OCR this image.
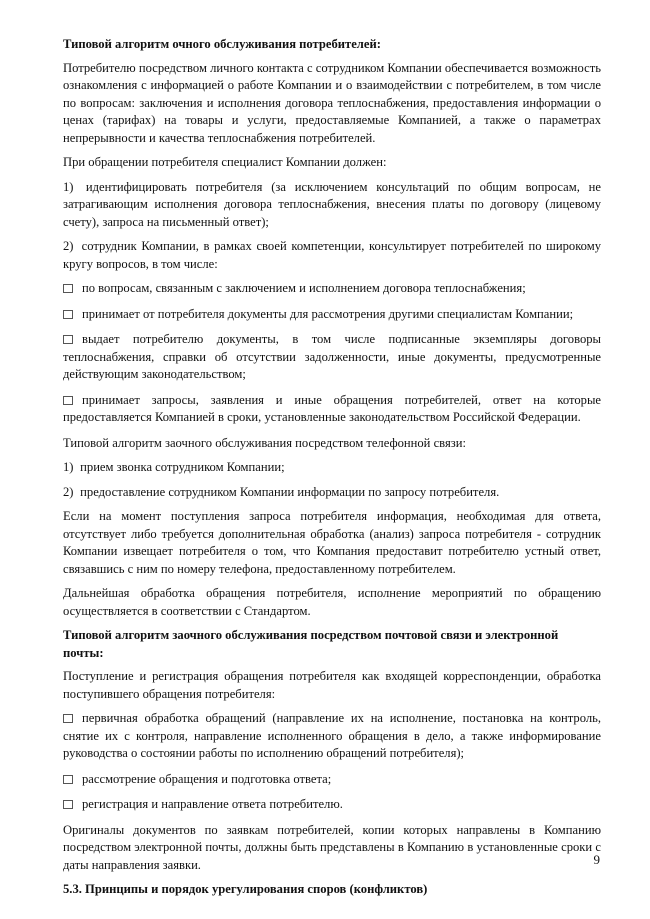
Типовой алгоритм очного обслуживания потребителей:

Потребителю посредством личного контакта с сотрудником Компании обеспечивается возможность ознакомления с информацией о работе Компании и о взаимодействии с потребителем, в том числе по вопросам: заключения и исполнения договора теплоснабжения, предоставления информации о ценах (тарифах) на товары и услуги, предоставляемые Компанией, а также о параметрах непрерывности и качества теплоснабжения потребителей.

При обращении потребителя специалист Компании должен:

1) идентифицировать потребителя (за исключением консультаций по общим вопросам, не затрагивающим исполнения договора теплоснабжения, внесения платы по договору (лицевому счету), запроса на письменный ответ);

2) сотрудник Компании, в рамках своей компетенции, консультирует потребителей по широкому кругу вопросов, в том числе:

по вопросам, связанным с заключением и исполнением договора теплоснабжения;

принимает от потребителя документы для рассмотрения другими специалистам Компании;

выдает потребителю документы, в том числе подписанные экземпляры договоры теплоснабжения, справки об отсутствии задолженности, иные документы, предусмотренные действующим законодательством;

принимает запросы, заявления и иные обращения потребителей, ответ на которые предоставляется Компанией в сроки, установленные законодательством Российской Федерации.

Типовой алгоритм заочного обслуживания посредством телефонной связи:

1) прием звонка сотрудником Компании;

2) предоставление сотрудником Компании информации по запросу потребителя.

Если на момент поступления запроса потребителя информация, необходимая для ответа, отсутствует либо требуется дополнительная обработка (анализ) запроса потребителя - сотрудник Компании извещает потребителя о том, что Компания предоставит потребителю устный ответ, связавшись с ним по номеру телефона, предоставленному потребителем.

Дальнейшая обработка обращения потребителя, исполнение мероприятий по обращению осуществляется в соответствии с Стандартом.

Типовой алгоритм заочного обслуживания посредством почтовой связи и электронной почты:

Поступление и регистрация обращения потребителя как входящей корреспонденции, обработка поступившего обращения потребителя:

первичная обработка обращений (направление их на исполнение, постановка на контроль, снятие их с контроля, направление исполненного обращения в дело, а также информирование руководства о состоянии работы по исполнению обращений потребителя);

рассмотрение обращения и подготовка ответа;

регистрация и направление ответа потребителю.

Оригиналы документов по заявкам потребителей, копии которых направлены в Компанию посредством электронной почты, должны быть представлены в Компанию в установленные сроки с даты направления заявки.

5.3. Принципы и порядок урегулирования споров (конфликтов)

9
